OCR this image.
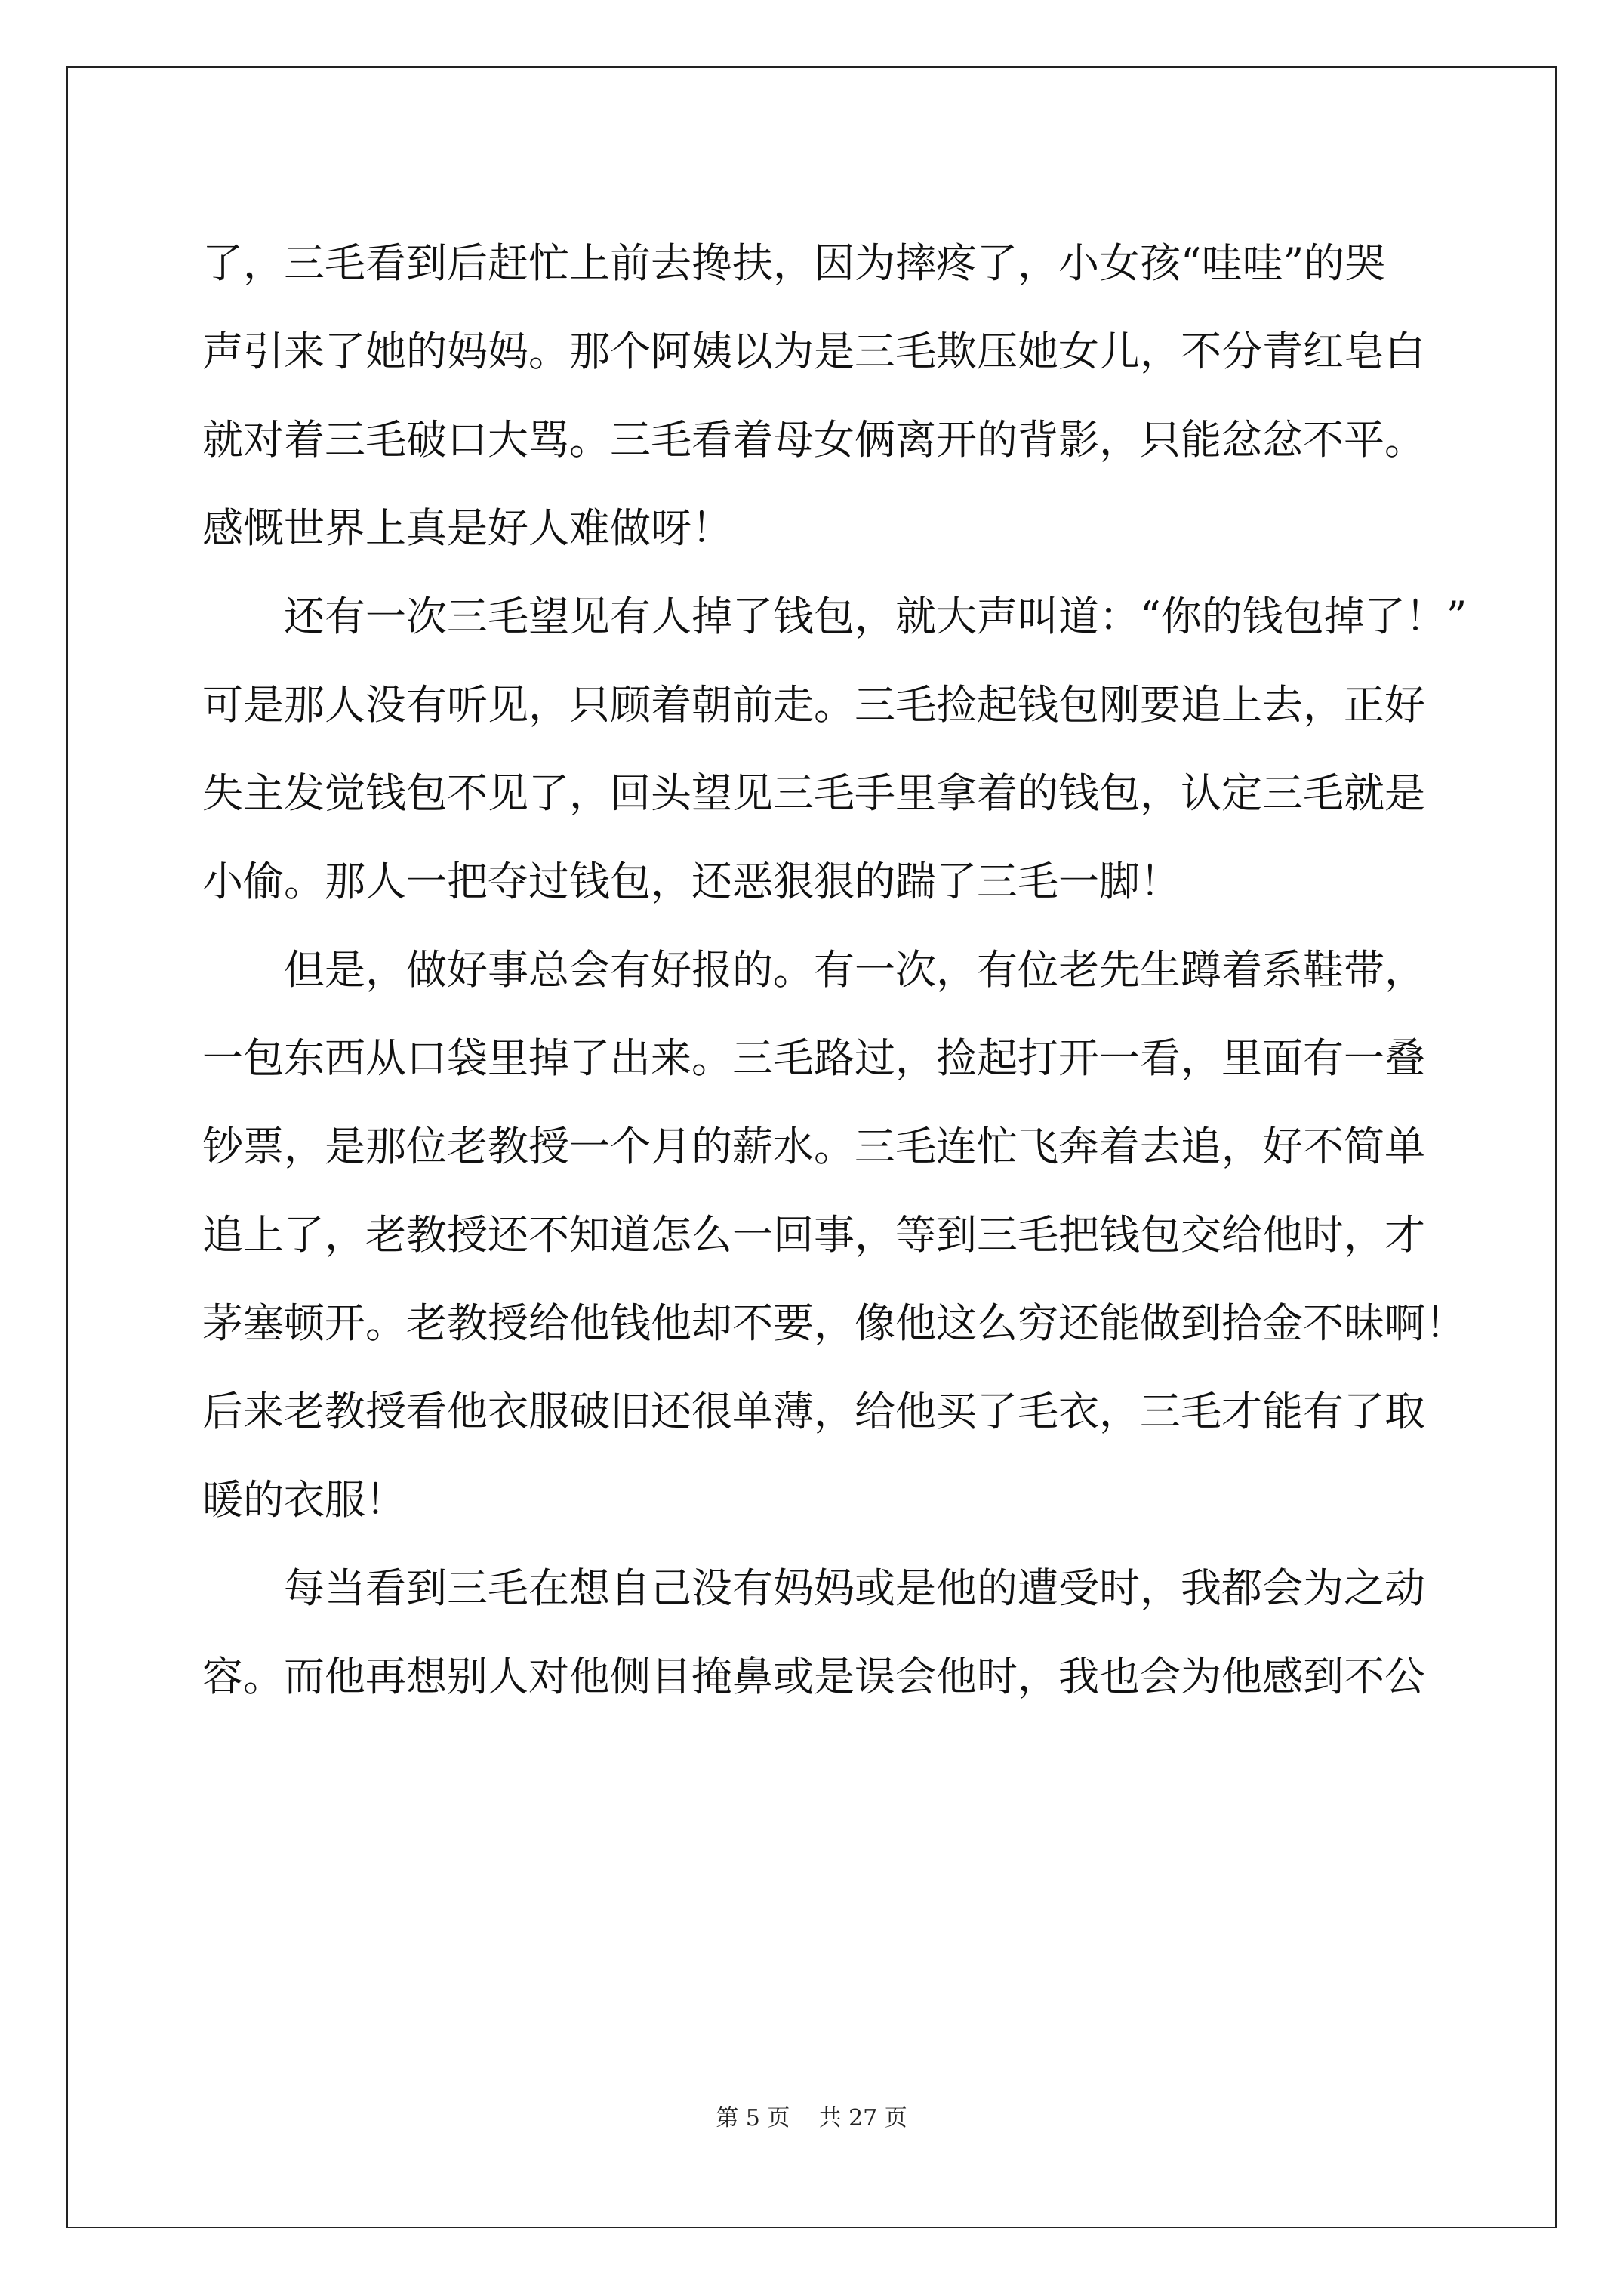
了，三毛看到后赶忙上前去搀扶，因为摔疼了，小女孩“哇哇”的哭
声引来了她的妈妈。那个阿姨以为是三毛欺压她女儿，不分青红皂白
就对着三毛破口大骂。三毛看着母女俩离开的背影，只能忿忿不平。
感慨世界上真是好人难做呀！
还有一次三毛望见有人掉了钱包，就大声叫道：“你的钱包掉了！”
可是那人没有听见，只顾着朝前走。三毛捡起钱包刚要追上去，正好
失主发觉钱包不见了，回头望见三毛手里拿着的钱包，认定三毛就是
小偷。那人一把夺过钱包，还恶狠狠的踹了三毛一脚！
但是，做好事总会有好报的。有一次，有位老先生蹲着系鞋带，
一包东西从口袋里掉了出来。三毛路过，捡起打开一看，里面有一叠
钞票，是那位老教授一个月的薪水。三毛连忙飞奔着去追，好不简单
追上了，老教授还不知道怎么一回事，等到三毛把钱包交给他时，才
茅塞顿开。老教授给他钱他却不要，像他这么穷还能做到拾金不昧啊！
后来老教授看他衣服破旧还很单薄，给他买了毛衣，三毛才能有了取
暖的衣服！
每当看到三毛在想自己没有妈妈或是他的遭受时，我都会为之动
容。而他再想别人对他侧目掩鼻或是误会他时，我也会为他感到不公
第 5 页 共 27 页
